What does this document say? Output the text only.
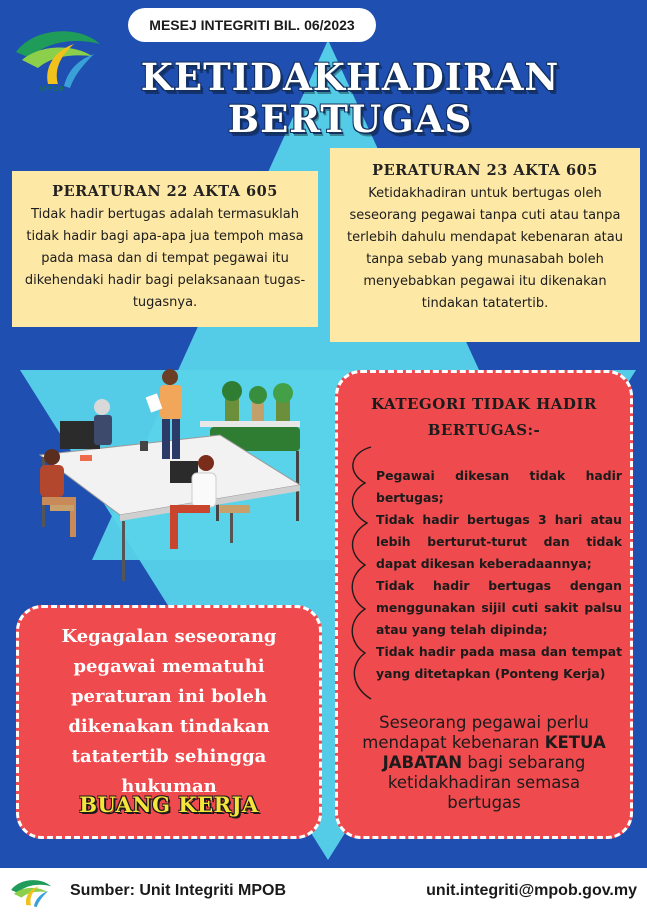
MPOB
MESEJ INTEGRITI BIL. 06/2023
KETIDAKHADIRAN
BERTUGAS
PERATURAN 22 AKTA 605

Tidak hadir bertugas adalah termasuklah tidak hadir bagi apa-apa jua tempoh masa pada masa dan di tempat pegawai itu dikehendaki hadir bagi pelaksanaan tugas-tugasnya.

PERATURAN 23 AKTA 605

Ketidakhadiran untuk bertugas oleh seseorang pegawai tanpa cuti atau tanpa terlebih dahulu mendapat kebenaran atau tanpa sebab yang munasabah boleh menyebabkan pegawai itu dikenakan tindakan tatatertib.

Kegagalan seseorang pegawai mematuhi peraturan ini boleh dikenakan tindakan tatatertib sehingga hukuman
BUANG KERJA
KATEGORI TIDAK HADIR BERTUGAS:-
Pegawai dikesan tidak hadir bertugas;
Tidak hadir bertugas 3 hari atau lebih berturut-turut dan tidak dapat dikesan keberadaannya;
Tidak hadir bertugas dengan menggunakan sijil cuti sakit palsu atau yang telah dipinda;
Tidak hadir pada masa dan tempat yang ditetapkan (Ponteng Kerja)
Seseorang pegawai perlu mendapat kebenaran KETUA JABATAN bagi sebarang ketidakhadiran semasa bertugas
Sumber: Unit Integriti MPOB	unit.integriti@mpob.gov.my
